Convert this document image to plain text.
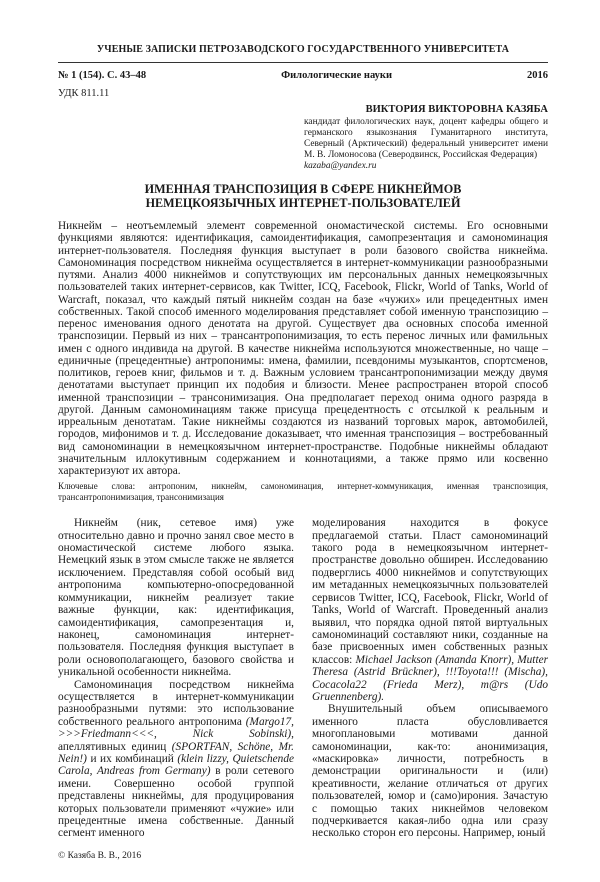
УЧЕНЫЕ ЗАПИСКИ ПЕТРОЗАВОДСКОГО ГОСУДАРСТВЕННОГО УНИВЕРСИТЕТА
№ 1 (154). С. 43–48	Филологические науки	2016
УДК 811.11
ВИКТОРИЯ ВИКТОРОВНА КАЗЯБА
кандидат филологических наук, доцент кафедры общего и германского языкознания Гуманитарного института, Северный (Арктический) федеральный университет имени М. В. Ломоносова (Северодвинск, Российская Федерация)
kazaba@yandex.ru
ИМЕННАЯ ТРАНСПОЗИЦИЯ В СФЕРЕ НИКНЕЙМОВ
НЕМЕЦКОЯЗЫЧНЫХ ИНТЕРНЕТ-ПОЛЬЗОВАТЕЛЕЙ
Никнейм – неотъемлемый элемент современной ономастической системы. Его основными функциями являются: идентификация, самоидентификация, самопрезентация и самономинация интернет-пользователя. Последняя функция выступает в роли базового свойства никнейма. Самономинация посредством никнейма осуществляется в интернет-коммуникации разнообразными путями. Анализ 4000 никнеймов и сопутствующих им персональных данных немецкоязычных пользователей таких интернет-сервисов, как Twitter, ICQ, Facebook, Flickr, World of Tanks, World of Warcraft, показал, что каждый пятый никнейм создан на базе «чужих» или прецедентных имен собственных. Такой способ именного моделирования представляет собой именную транспозицию – перенос именования одного денотата на другой. Существует два основных способа именной транспозиции. Первый из них – трансантропонимизация, то есть перенос личных или фамильных имен с одного индивида на другой. В качестве никнейма используются множественные, но чаще – единичные (прецедентные) антропонимы: имена, фамилии, псевдонимы музыкантов, спортсменов, политиков, героев книг, фильмов и т. д. Важным условием трансантропонимизации между двумя денотатами выступает принцип их подобия и близости. Менее распространен второй способ именной транспозиции – трансонимизация. Она предполагает переход онима одного разряда в другой. Данным самономинациям также присуща прецедентность с отсылкой к реальным и ирреальным денотатам. Такие никнеймы создаются из названий торговых марок, автомобилей, городов, мифонимов и т. д. Исследование доказывает, что именная транспозиция – востребованный вид самономинации в немецкоязычном интернет-пространстве. Подобные никнеймы обладают значительным иллокутивным содержанием и коннотациями, а также прямо или косвенно характеризуют их автора.
Ключевые слова: антропоним, никнейм, самономинация, интернет-коммуникация, именная транспозиция, трансантропонимизация, трансонимизация

Никнейм (ник, сетевое имя) уже относительно давно и прочно занял свое место в ономастической системе любого языка. Немецкий язык в этом смысле также не является исключением. Представляя собой особый вид антропонима компьютерно-опосредованной коммуникации, никнейм реализует такие важные функции, как: идентификация, самоидентификация, самопрезентация и, наконец, самономинация интернет-пользователя. Последняя функция выступает в роли основополагающего, базового свойства и уникальной особенности никнейма.

Самономинация посредством никнейма осуществляется в интернет-коммуникации разнообразными путями: это использование собственного реального антропонима (Margo17, >>>Friedmann<<<, Nick Sobinski), апеллятивных единиц (SPORTFAN, Schöne, Mr. Nein!) и их комбинаций (klein lizzy, Quietschende Carola, Andreas from Germany) в роли сетевого имени. Совершенно особой группой представлены никнеймы, для продуцирования которых пользователи применяют «чужие» или прецедентные имена собственные. Данный сегмент именного

© Казяба В. В., 2016

моделирования находится в фокусе предлагаемой статьи. Пласт самономинаций такого рода в немецкоязычном интернет-пространстве довольно обширен. Исследованию подверглись 4000 никнеймов и сопутствующих им метаданных немецкоязычных пользователей сервисов Twitter, ICQ, Facebook, Flickr, World of Tanks, World of Warcraft. Проведенный анализ выявил, что порядка одной пятой виртуальных самономинаций составляют ники, созданные на базе присвоенных имен собственных разных классов: Michael Jackson (Amanda Knorr), Mutter Theresa (Astrid Brückner), !!!Toyota!!! (Mischa), Cocacola22 (Frieda Merz), m@rs (Udo Gruennenberg).

Внушительный объем описываемого именного пласта обусловливается многоплановыми мотивами данной самономинации, как-то: анонимизация, «маскировка» личности, потребность в демонстрации оригинальности и (или) креативности, желание отличаться от других пользователей, юмор и (само)ирония. Зачастую с помощью таких никнеймов человеком подчеркивается какая-либо одна или сразу несколько сторон его персоны. Например, юный
